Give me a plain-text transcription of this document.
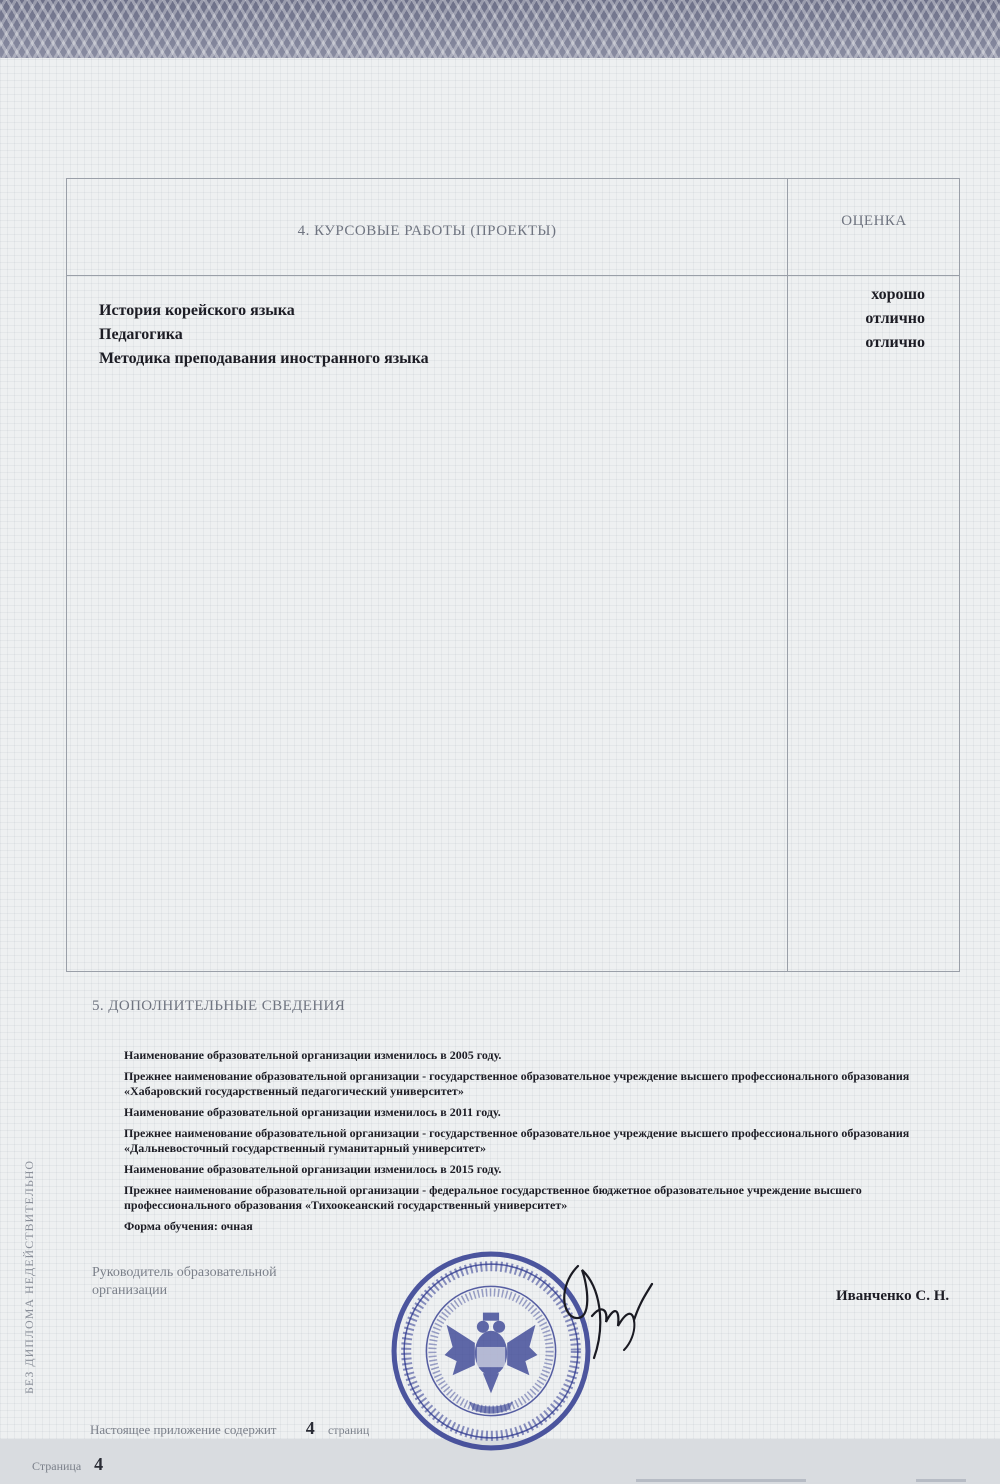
4. КУРСОВЫЕ РАБОТЫ (ПРОЕКТЫ)
ОЦЕНКА
История корейского языка
Педагогика
Методика преподавания иностранного языка
хорошо
отлично
отлично
5. ДОПОЛНИТЕЛЬНЫЕ СВЕДЕНИЯ

Наименование образовательной организации изменилось в 2005 году.

Прежнее наименование образовательной организации - государственное образовательное учреждение высшего профессионального образования «Хабаровский государственный педагогический университет»

Наименование образовательной организации изменилось в 2011 году.

Прежнее наименование образовательной организации - государственное образовательное учреждение высшего профессионального образования «Дальневосточный государственный гуманитарный университет»

Наименование образовательной организации изменилось в 2015 году.

Прежнее наименование образовательной организации - федеральное государственное бюджетное образовательное учреждение высшего профессионального образования «Тихоокеанский государственный университет»

Форма обучения: очная

Руководитель образовательной организации	Иванченко С. Н.
БЕЗ ДИПЛОМА НЕДЕЙСТВИТЕЛЬНО
Настоящее приложение содержит 4 страниц
Страница 4
